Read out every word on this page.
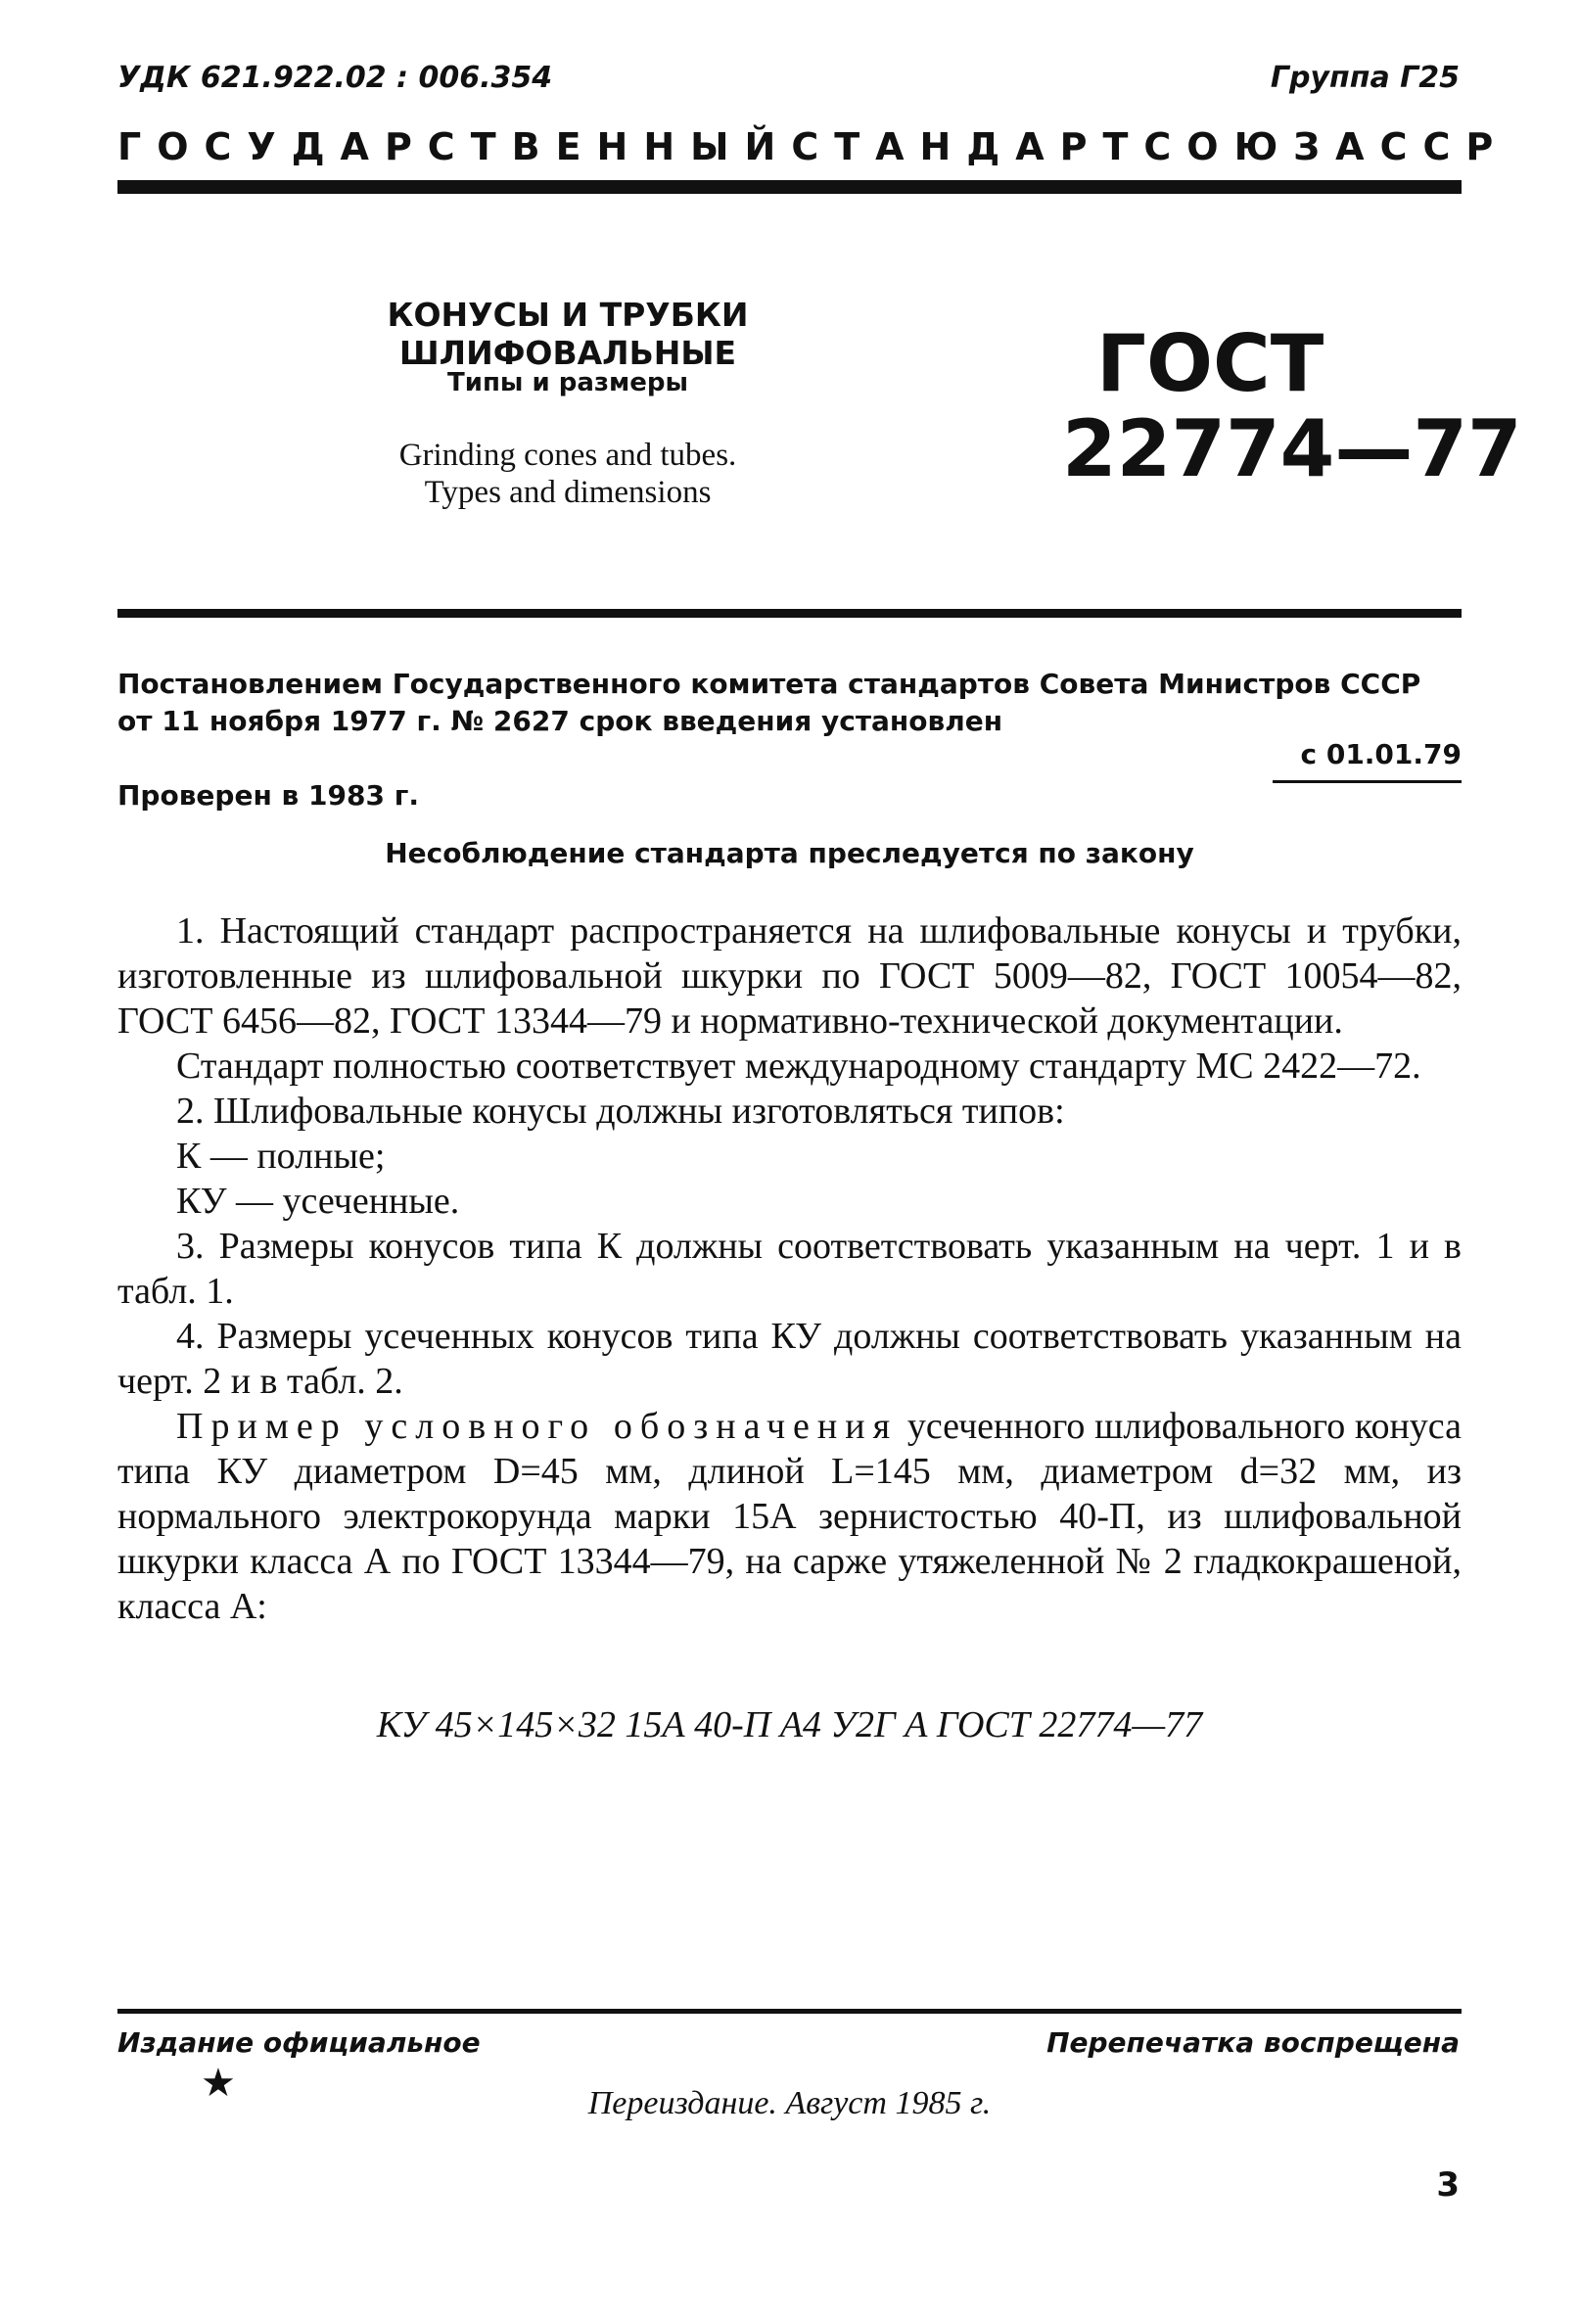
УДК 621.922.02 : 006.354	Группа Г25
ГОСУДАРСТВЕННЫЙ СТАНДАРТ СОЮЗА ССР
КОНУСЫ И ТРУБКИ ШЛИФОВАЛЬНЫЕ
Типы и размеры
Grinding cones and tubes.
Types and dimensions
ГОСТ
22774—77
Постановлением Государственного комитета стандартов Совета Министров СССР от 11 ноября 1977 г. № 2627 срок введения установлен
с 01.01.79
Проверен в 1983 г.
Несоблюдение стандарта преследуется по закону

1. Настоящий стандарт распространяется на шлифовальные конусы и трубки, изготовленные из шлифовальной шкурки по ГОСТ 5009—82, ГОСТ 10054—82, ГОСТ 6456—82, ГОСТ 13344—79 и нормативно-технической документации.

Стандарт полностью соответствует международному стандарту МС 2422—72.

2. Шлифовальные конусы должны изготовляться типов:

К — полные;

КУ — усеченные.

3. Размеры конусов типа К должны соответствовать указанным на черт. 1 и в табл. 1.

4. Размеры усеченных конусов типа КУ должны соответствовать указанным на черт. 2 и в табл. 2.

Пример условного обозначения усеченного шлифовального конуса типа КУ диаметром D=45 мм, длиной L=145 мм, диаметром d=32 мм, из нормального электрокорунда марки 15А зернистостью 40-П, из шлифовальной шкурки класса А по ГОСТ 13344—79, на саржe утяжеленной № 2 гладкокрашеной, класса А:

КУ 45×145×32 15А 40-П А4 У2Г А ГОСТ 22774—77
Издание официальное	Перепечатка воспрещена
★	Переиздание. Август 1985 г.
3
